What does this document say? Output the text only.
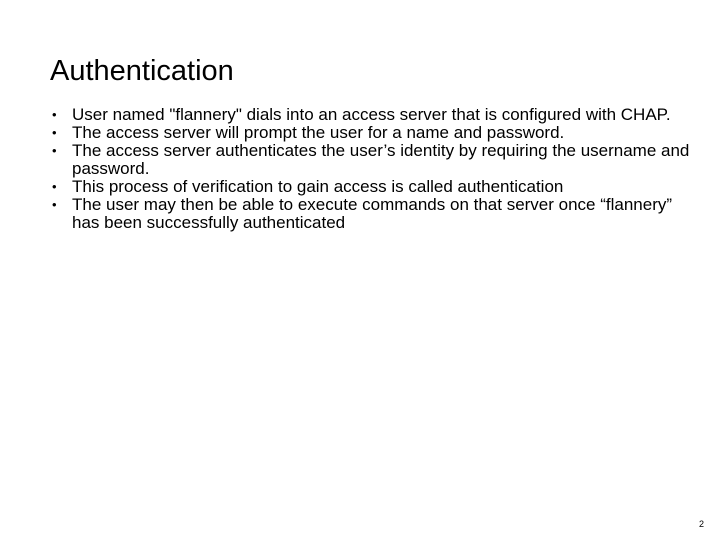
Authentication
• User named "flannery" dials into an access server that is configured with CHAP.
• The access server will prompt the user for a name and password.
• The access server authenticates the user’s identity by requiring the username and password.
• This process of verification to gain access is called authentication
• The user may then be able to execute commands on that server once “flannery” has been successfully authenticated
2
